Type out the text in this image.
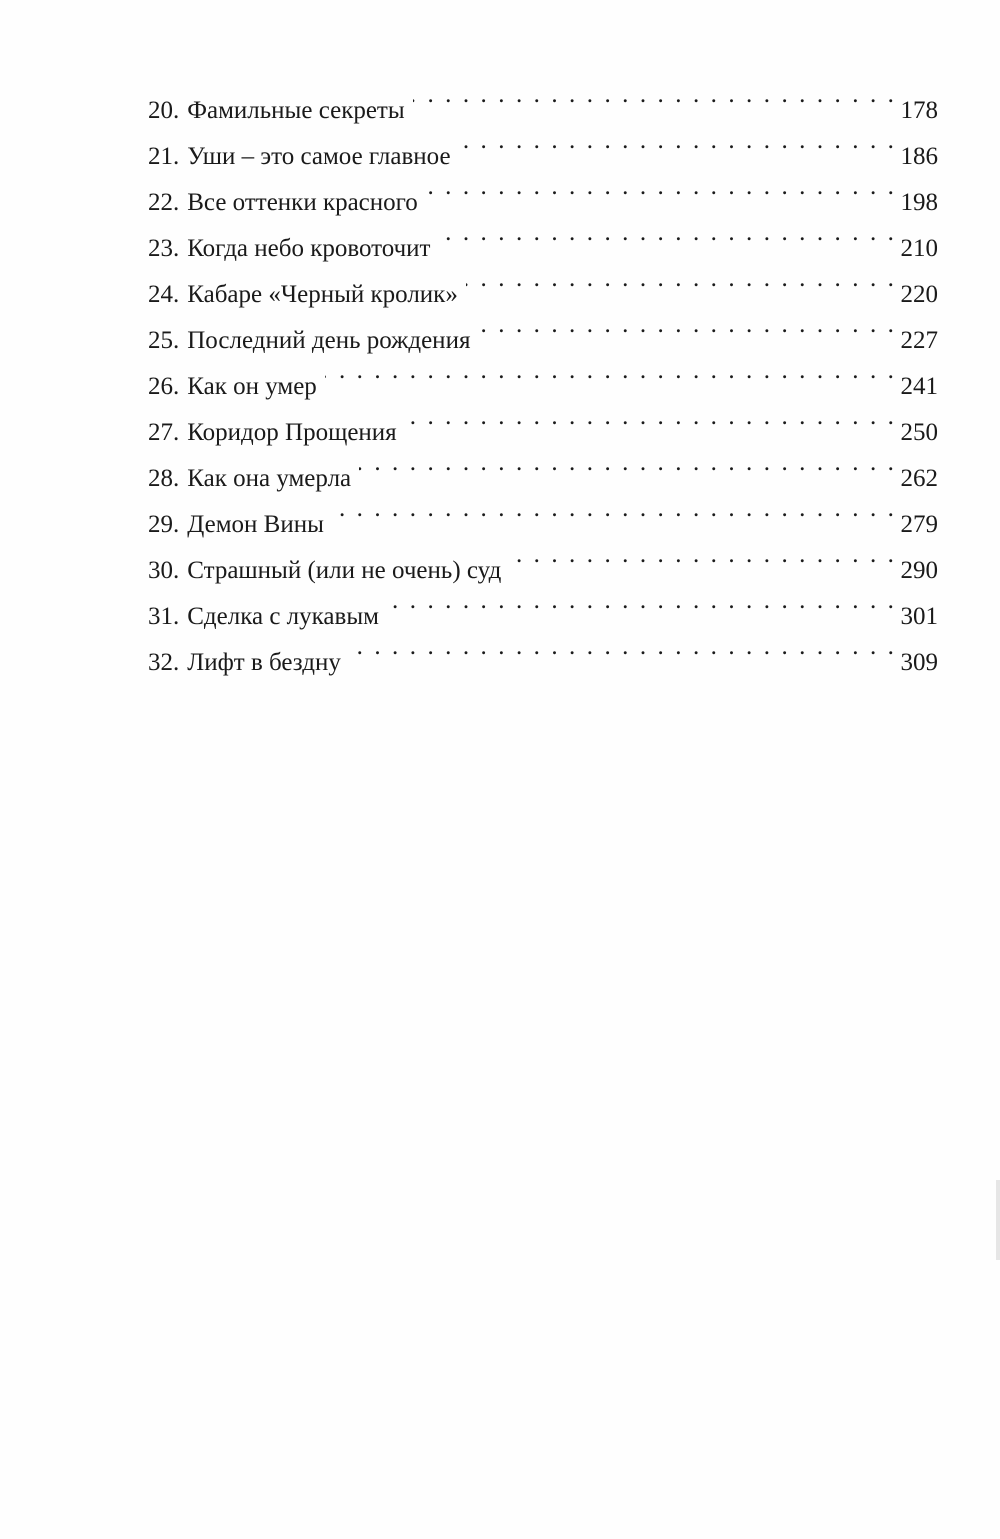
20. Фамильные секреты . . .	178
21. Уши – это самое главное . . .	186
22. Все оттенки красного . . .	198
23. Когда небо кровоточит . . .	210
24. Кабаре «Черный кролик» . . .	220
25. Последний день рождения . . .	227
26. Как он умер . . .	241
27. Коридор Прощения . . .	250
28. Как она умерла . . .	262
29. Демон Вины . . .	279
30. Страшный (или не очень) суд . . .	290
31. Сделка с лукавым . . .	301
32. Лифт в бездну . . .	309
